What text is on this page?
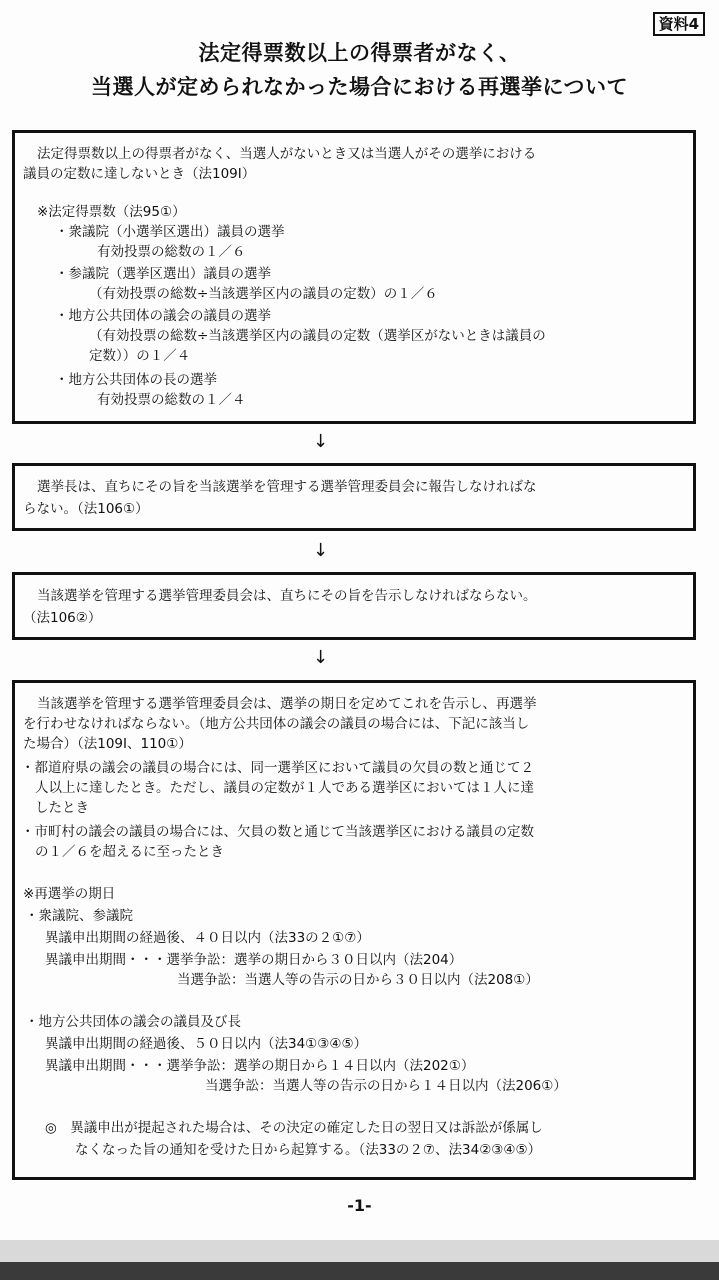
資料4
法定得票数以上の得票者がなく、
当選人が定められなかった場合における再選挙について
法定得票数以上の得票者がなく、当選人がないとき又は当選人がその選挙における
議員の定数に達しないとき（法109Ⅰ）
※法定得票数（法95①）
・衆議院（小選挙区選出）議員の選挙
有効投票の総数の１／６
・参議院（選挙区選出）議員の選挙
（有効投票の総数÷当該選挙区内の議員の定数）の１／６
・地方公共団体の議会の議員の選挙
（有効投票の総数÷当該選挙区内の議員の定数（選挙区がないときは議員の
定数））の１／４
・地方公共団体の長の選挙
有効投票の総数の１／４
↓
選挙長は、直ちにその旨を当該選挙を管理する選挙管理委員会に報告しなければな
らない。（法106①）
↓
当該選挙を管理する選挙管理委員会は、直ちにその旨を告示しなければならない。
（法106②）
↓
当該選挙を管理する選挙管理委員会は、選挙の期日を定めてこれを告示し、再選挙
を行わせなければならない。（地方公共団体の議会の議員の場合には、下記に該当し
た場合）（法109Ⅰ、110①）
・都道府県の議会の議員の場合には、同一選挙区において議員の欠員の数と通じて２
人以上に達したとき。ただし、議員の定数が１人である選挙区においては１人に達
したとき
・市町村の議会の議員の場合には、欠員の数と通じて当該選挙区における議員の定数
の１／６を超えるに至ったとき
※再選挙の期日
・衆議院、参議院
異議申出期間の経過後、４０日以内（法33の２①⑦）
異議申出期間・・・選挙争訟：選挙の期日から３０日以内（法204）
当選争訟：当選人等の告示の日から３０日以内（法208①）
・地方公共団体の議会の議員及び長
異議申出期間の経過後、５０日以内（法34①③④⑤）
異議申出期間・・・選挙争訟：選挙の期日から１４日以内（法202①）
当選争訟：当選人等の告示の日から１４日以内（法206①）
◎　異議申出が提起された場合は、その決定の確定した日の翌日又は訴訟が係属し
なくなった旨の通知を受けた日から起算する。（法33の２⑦、法34②③④⑤）
-1-
